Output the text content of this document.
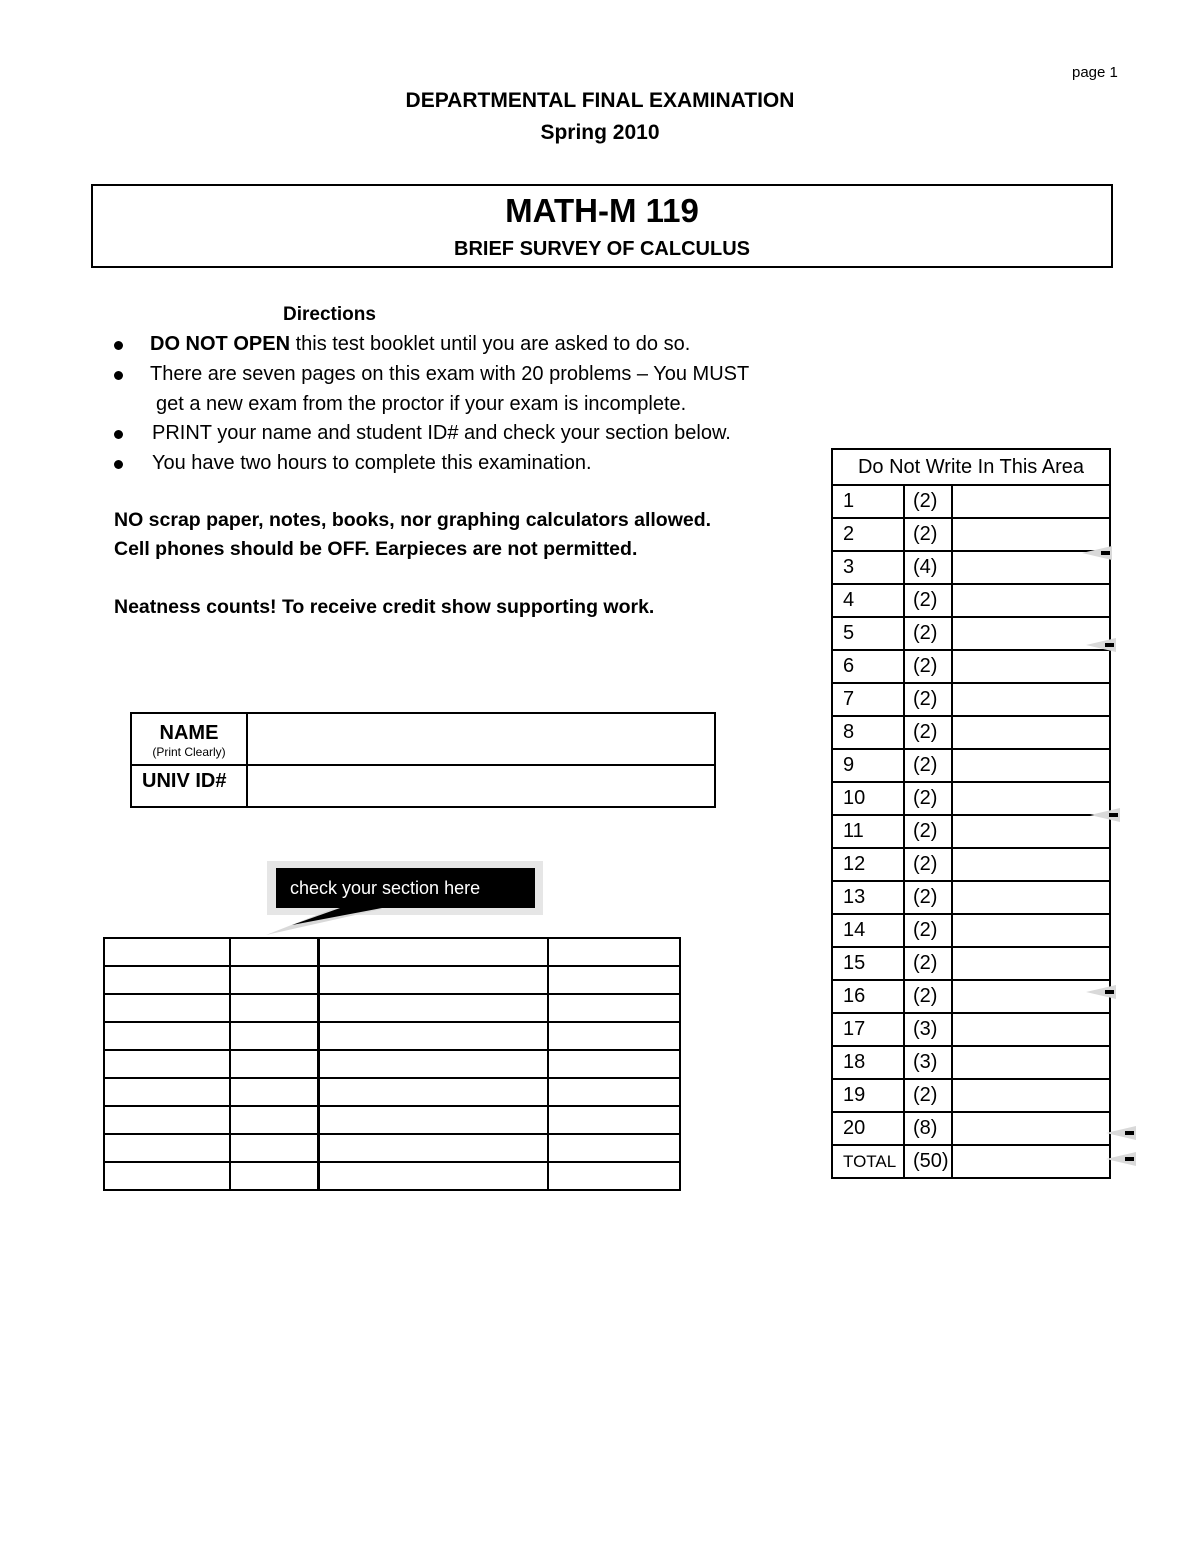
page 1
DEPARTMENTAL FINAL EXAMINATION
Spring 2010
MATH-M 119
BRIEF SURVEY OF CALCULUS
Directions
DO NOT OPEN this test booklet until you are asked to do so.
There are seven pages on this exam with 20 problems – You MUST
get a new exam from the proctor if your exam is incomplete.
PRINT your name and student ID# and check your section below.
You have two hours to complete this examination.
NO scrap paper, notes, books, nor graphing calculators allowed.
Cell phones should be OFF. Earpieces are not permitted.
Neatness counts! To receive credit show supporting work.
NAME
(Print Clearly)	

UNIV ID#	

check your section here

Do Not Write In This Area		
1	(2)	
2	(2)	
3	(4)	
4	(2)	
5	(2)	
6	(2)	
7	(2)	
8	(2)	
9	(2)	
10	(2)	
11	(2)	
12	(2)	
13	(2)	
14	(2)	
15	(2)	
16	(2)	
17	(3)	
18	(3)	
19	(2)	
20	(8)	
TOTAL	(50)	
